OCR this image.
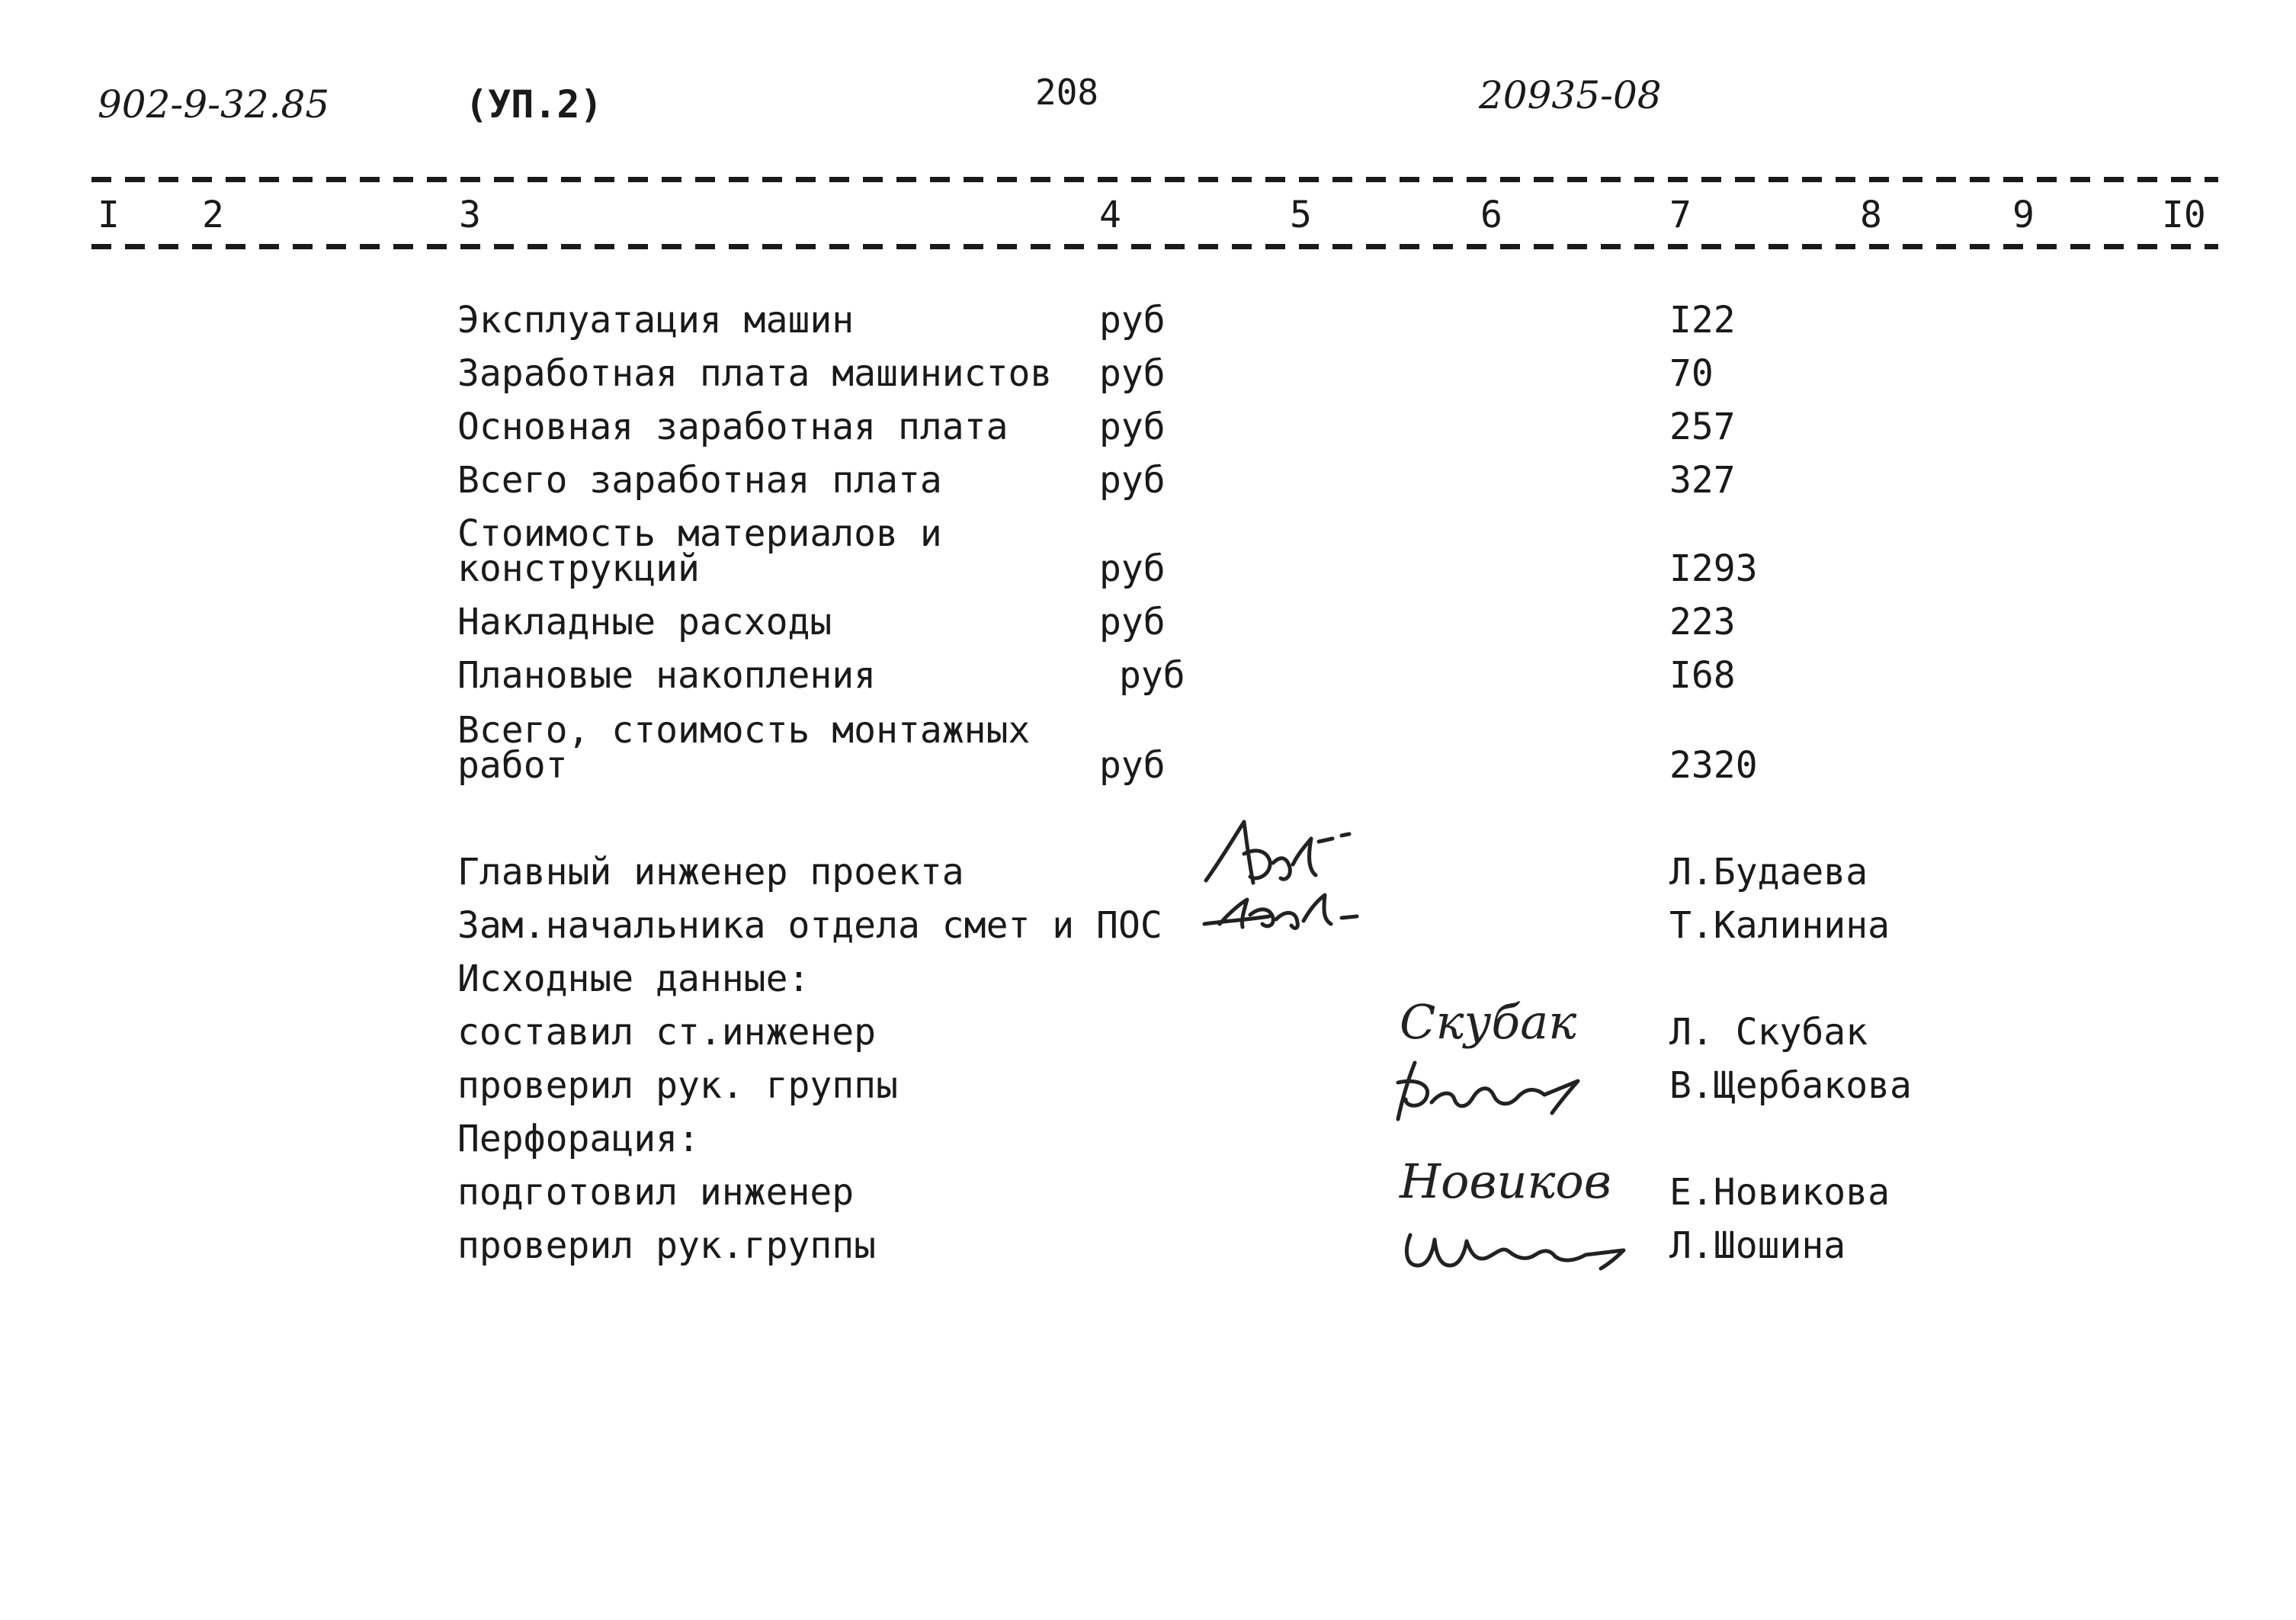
902-9-32.85	(УП.2)	208	20935-08
I 2	3	4	5	6	7	8	9	I0
Эксплуатация машин	руб	I22
Заработная плата машинистов руб	70
Основная заработная плата руб	257
Всего заработная плата	руб	327
Стоимость материалов и
конструкций	руб	I293
Накладные расходы	руб	223
Плановые накопления	руб	I68
Всего, стоимость монтажных
работ	руб	2320
Главный инженер проекта	Л.Будаева
Зам.начальника отдела смет и ПОС	Т.Калинина
Исходные данные:
составил ст.инженер	Л. Скубак
проверил рук. группы	В.Щербакова
Перфорация:
подготовил инженер	Е.Новикова
проверил рук.группы	Л.Шошина
Скубак
Новиков
